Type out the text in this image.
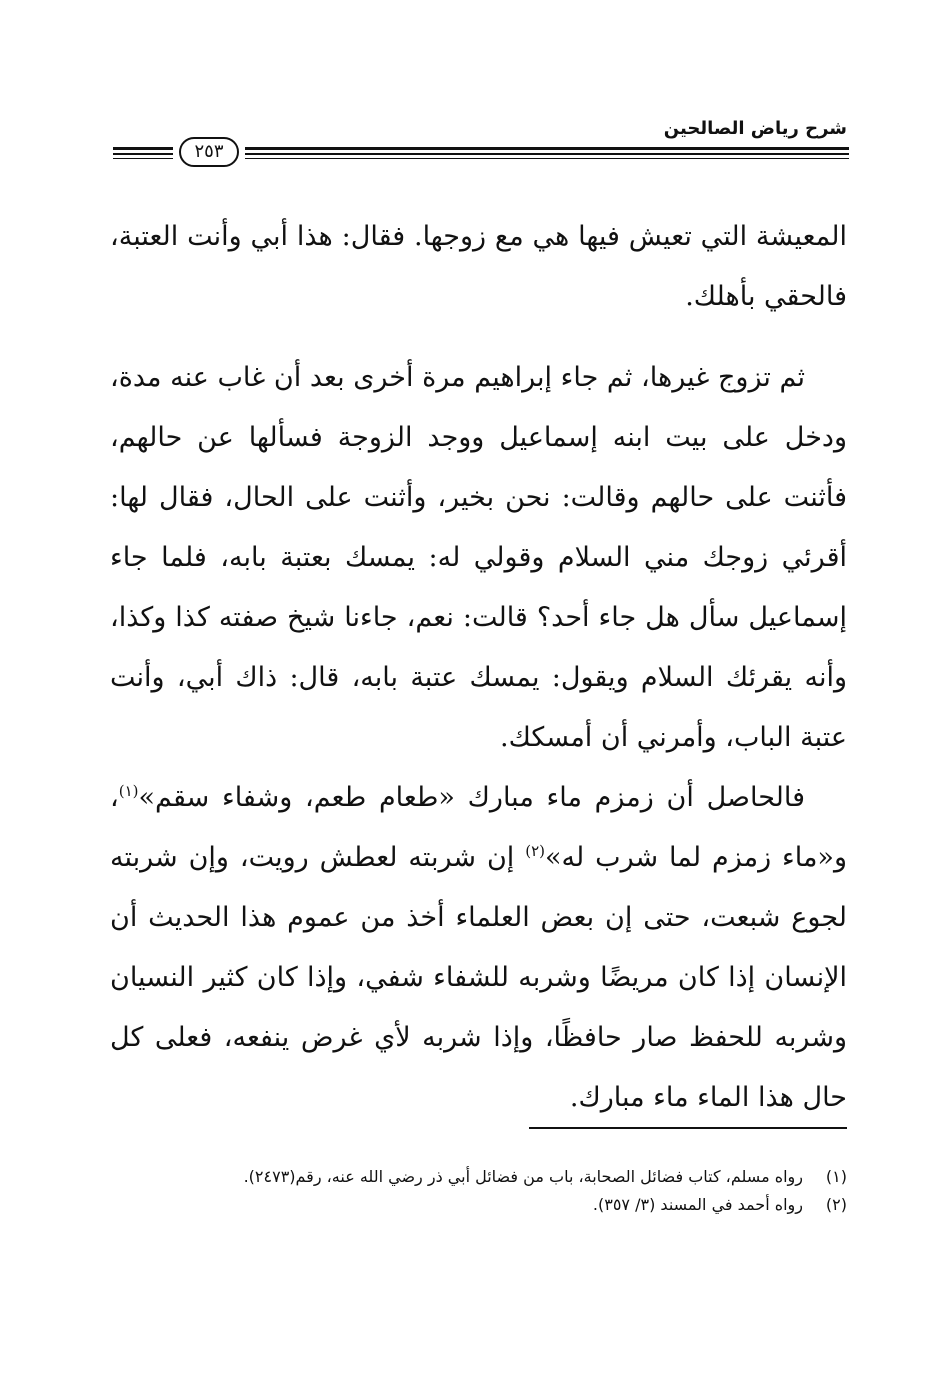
شرح رياض الصالحين
٢٥٣
المعيشة التي تعيش فيها هي مع زوجها. فقال: هذا أبي وأنت العتبة، فالحقي بأهلك.
ثم تزوج غيرها، ثم جاء إبراهيم مرة أخرى بعد أن غاب عنه مدة، ودخل على بيت ابنه إسماعيل ووجد الزوجة فسألها عن حالهم، فأثنت على حالهم وقالت: نحن بخير، وأثنت على الحال، فقال لها: أقرئي زوجك مني السلام وقولي له: يمسك بعتبة بابه، فلما جاء إسماعيل سأل هل جاء أحد؟ قالت: نعم، جاءنا شيخ صفته كذا وكذا، وأنه يقرئك السلام ويقول: يمسك عتبة بابه، قال: ذاك أبي، وأنت عتبة الباب، وأمرني أن أمسكك.
فالحاصل أن زمزم ماء مبارك «طعام طعم، وشفاء سقم»$^{(١)}$، و«ماء زمزم لما شرب له»$^{(٢)}$ إن شربته لعطش رويت، وإن شربته لجوع شبعت، حتى إن بعض العلماء أخذ من عموم هذا الحديث أن الإنسان إذا كان مريضًا وشربه للشفاء شفي، وإذا كان كثير النسيان وشربه للحفظ صار حافظًا، وإذا شربه لأي غرض ينفعه، فعلى كل حال هذا الماء ماء مبارك.
(١)
رواه مسلم، كتاب فضائل الصحابة، باب من فضائل أبي ذر رضي الله عنه، رقم(٢٤٧٣).
(٢)
رواه أحمد في المسند (٣/ ٣٥٧).
